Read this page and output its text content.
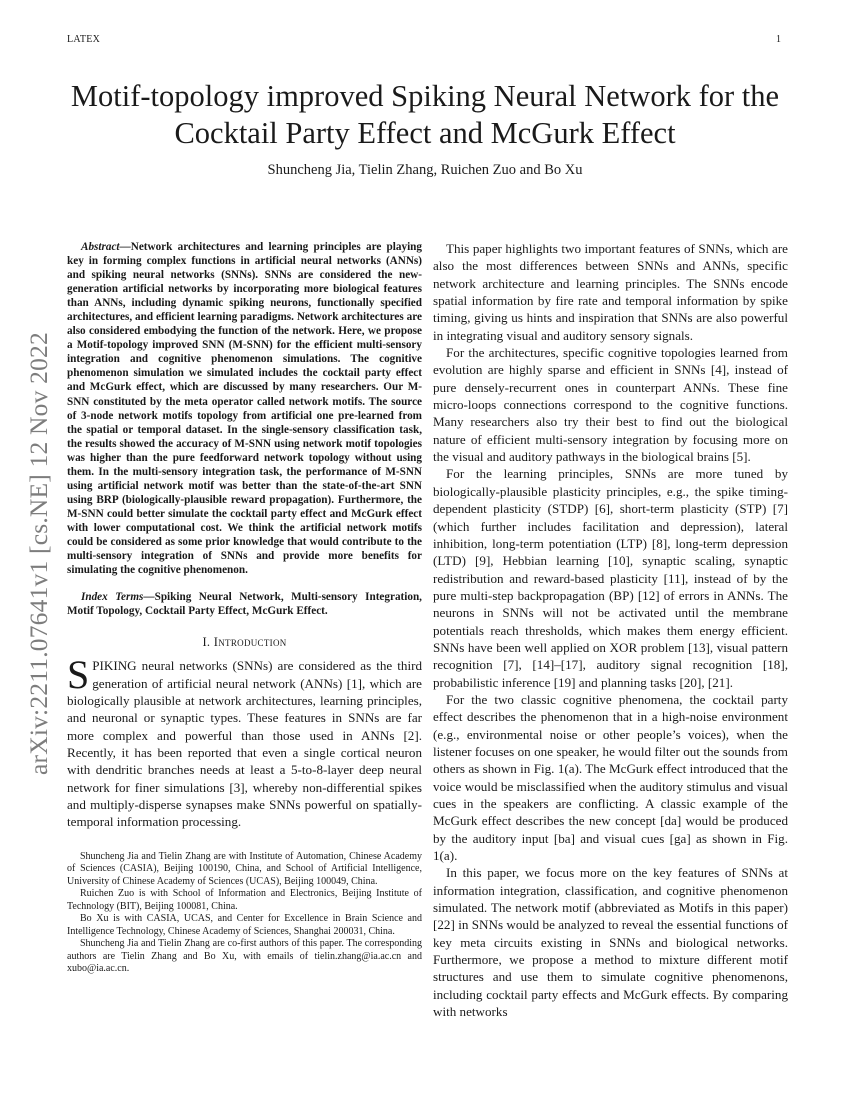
LATEX	1
arXiv:2211.07641v1 [cs.NE] 12 Nov 2022
Motif-topology improved Spiking Neural Network for the Cocktail Party Effect and McGurk Effect
Shuncheng Jia, Tielin Zhang, Ruichen Zuo and Bo Xu

Abstract—Network architectures and learning principles are playing key in forming complex functions in artificial neural networks (ANNs) and spiking neural networks (SNNs). SNNs are considered the new-generation artificial networks by incorporating more biological features than ANNs, including dynamic spiking neurons, functionally specified architectures, and efficient learning paradigms. Network architectures are also considered embodying the function of the network. Here, we propose a Motif-topology improved SNN (M-SNN) for the efficient multi-sensory integration and cognitive phenomenon simulations. The cognitive phenomenon simulation we simulated includes the cocktail party effect and McGurk effect, which are discussed by many researchers. Our M-SNN constituted by the meta operator called network motifs. The source of 3-node network motifs topology from artificial one pre-learned from the spatial or temporal dataset. In the single-sensory classification task, the results showed the accuracy of M-SNN using network motif topologies was higher than the pure feedforward network topology without using them. In the multi-sensory integration task, the performance of M-SNN using artificial network motif was better than the state-of-the-art SNN using BRP (biologically-plausible reward propagation). Furthermore, the M-SNN could better simulate the cocktail party effect and McGurk effect with lower computational cost. We think the artificial network motifs could be considered as some prior knowledge that would contribute to the multi-sensory integration of SNNs and provide more benefits for simulating the cognitive phenomenon.

Index Terms—Spiking Neural Network, Multi-sensory Integration, Motif Topology, Cocktail Party Effect, McGurk Effect.

I. Introduction

SPIKING neural networks (SNNs) are considered as the third generation of artificial neural network (ANNs) [1], which are biologically plausible at network architectures, learning principles, and neuronal or synaptic types. These features in SNNs are far more complex and powerful than those used in ANNs [2]. Recently, it has been reported that even a single cortical neuron with dendritic branches needs at least a 5-to-8-layer deep neural network for finer simulations [3], whereby non-differential spikes and multiply-disperse synapses make SNNs powerful on spatially-temporal information processing.

Shuncheng Jia and Tielin Zhang are with Institute of Automation, Chinese Academy of Sciences (CASIA), Beijing 100190, China, and School of Artificial Intelligence, University of Chinese Academy of Sciences (UCAS), Beijing 100049, China.

Ruichen Zuo is with School of Information and Electronics, Beijing Institute of Technology (BIT), Beijing 100081, China.

Bo Xu is with CASIA, UCAS, and Center for Excellence in Brain Science and Intelligence Technology, Chinese Academy of Sciences, Shanghai 200031, China.

Shuncheng Jia and Tielin Zhang are co-first authors of this paper. The corresponding authors are Tielin Zhang and Bo Xu, with emails of tielin.zhang@ia.ac.cn and xubo@ia.ac.cn.

This paper highlights two important features of SNNs, which are also the most differences between SNNs and ANNs, specific network architecture and learning principles. The SNNs encode spatial information by fire rate and temporal information by spike timing, giving us hints and inspiration that SNNs are also powerful in integrating visual and auditory sensory signals.

For the architectures, specific cognitive topologies learned from evolution are highly sparse and efficient in SNNs [4], instead of pure densely-recurrent ones in counterpart ANNs. These fine micro-loops connections correspond to the cognitive functions. Many researchers also try their best to find out the biological nature of efficient multi-sensory integration by focusing more on the visual and auditory pathways in the biological brains [5].

For the learning principles, SNNs are more tuned by biologically-plausible plasticity principles, e.g., the spike timing-dependent plasticity (STDP) [6], short-term plasticity (STP) [7] (which further includes facilitation and depression), lateral inhibition, long-term potentiation (LTP) [8], long-term depression (LTD) [9], Hebbian learning [10], synaptic scaling, synaptic redistribution and reward-based plasticity [11], instead of by the pure multi-step backpropagation (BP) [12] of errors in ANNs. The neurons in SNNs will not be activated until the membrane potentials reach thresholds, which makes them energy efficient. SNNs have been well applied on XOR problem [13], visual pattern recognition [7], [14]–[17], auditory signal recognition [18], probabilistic inference [19] and planning tasks [20], [21].

For the two classic cognitive phenomena, the cocktail party effect describes the phenomenon that in a high-noise environment (e.g., environmental noise or other people’s voices), when the listener focuses on one speaker, he would filter out the sounds from others as shown in Fig. 1(a). The McGurk effect introduced that the voice would be misclassified when the auditory stimulus and visual cues in the speakers are conflicting. A classic example of the McGurk effect describes the new concept [da] would be produced by the auditory input [ba] and visual cues [ga] as shown in Fig. 1(a).

In this paper, we focus more on the key features of SNNs at information integration, classification, and cognitive phenomenon simulated. The network motif (abbreviated as Motifs in this paper) [22] in SNNs would be analyzed to reveal the essential functions of key meta circuits existing in SNNs and biological networks. Furthermore, we propose a method to mixture different motif structures and use them to simulate cognitive phenomenons, including cocktail party effects and McGurk effects. By comparing with networks
